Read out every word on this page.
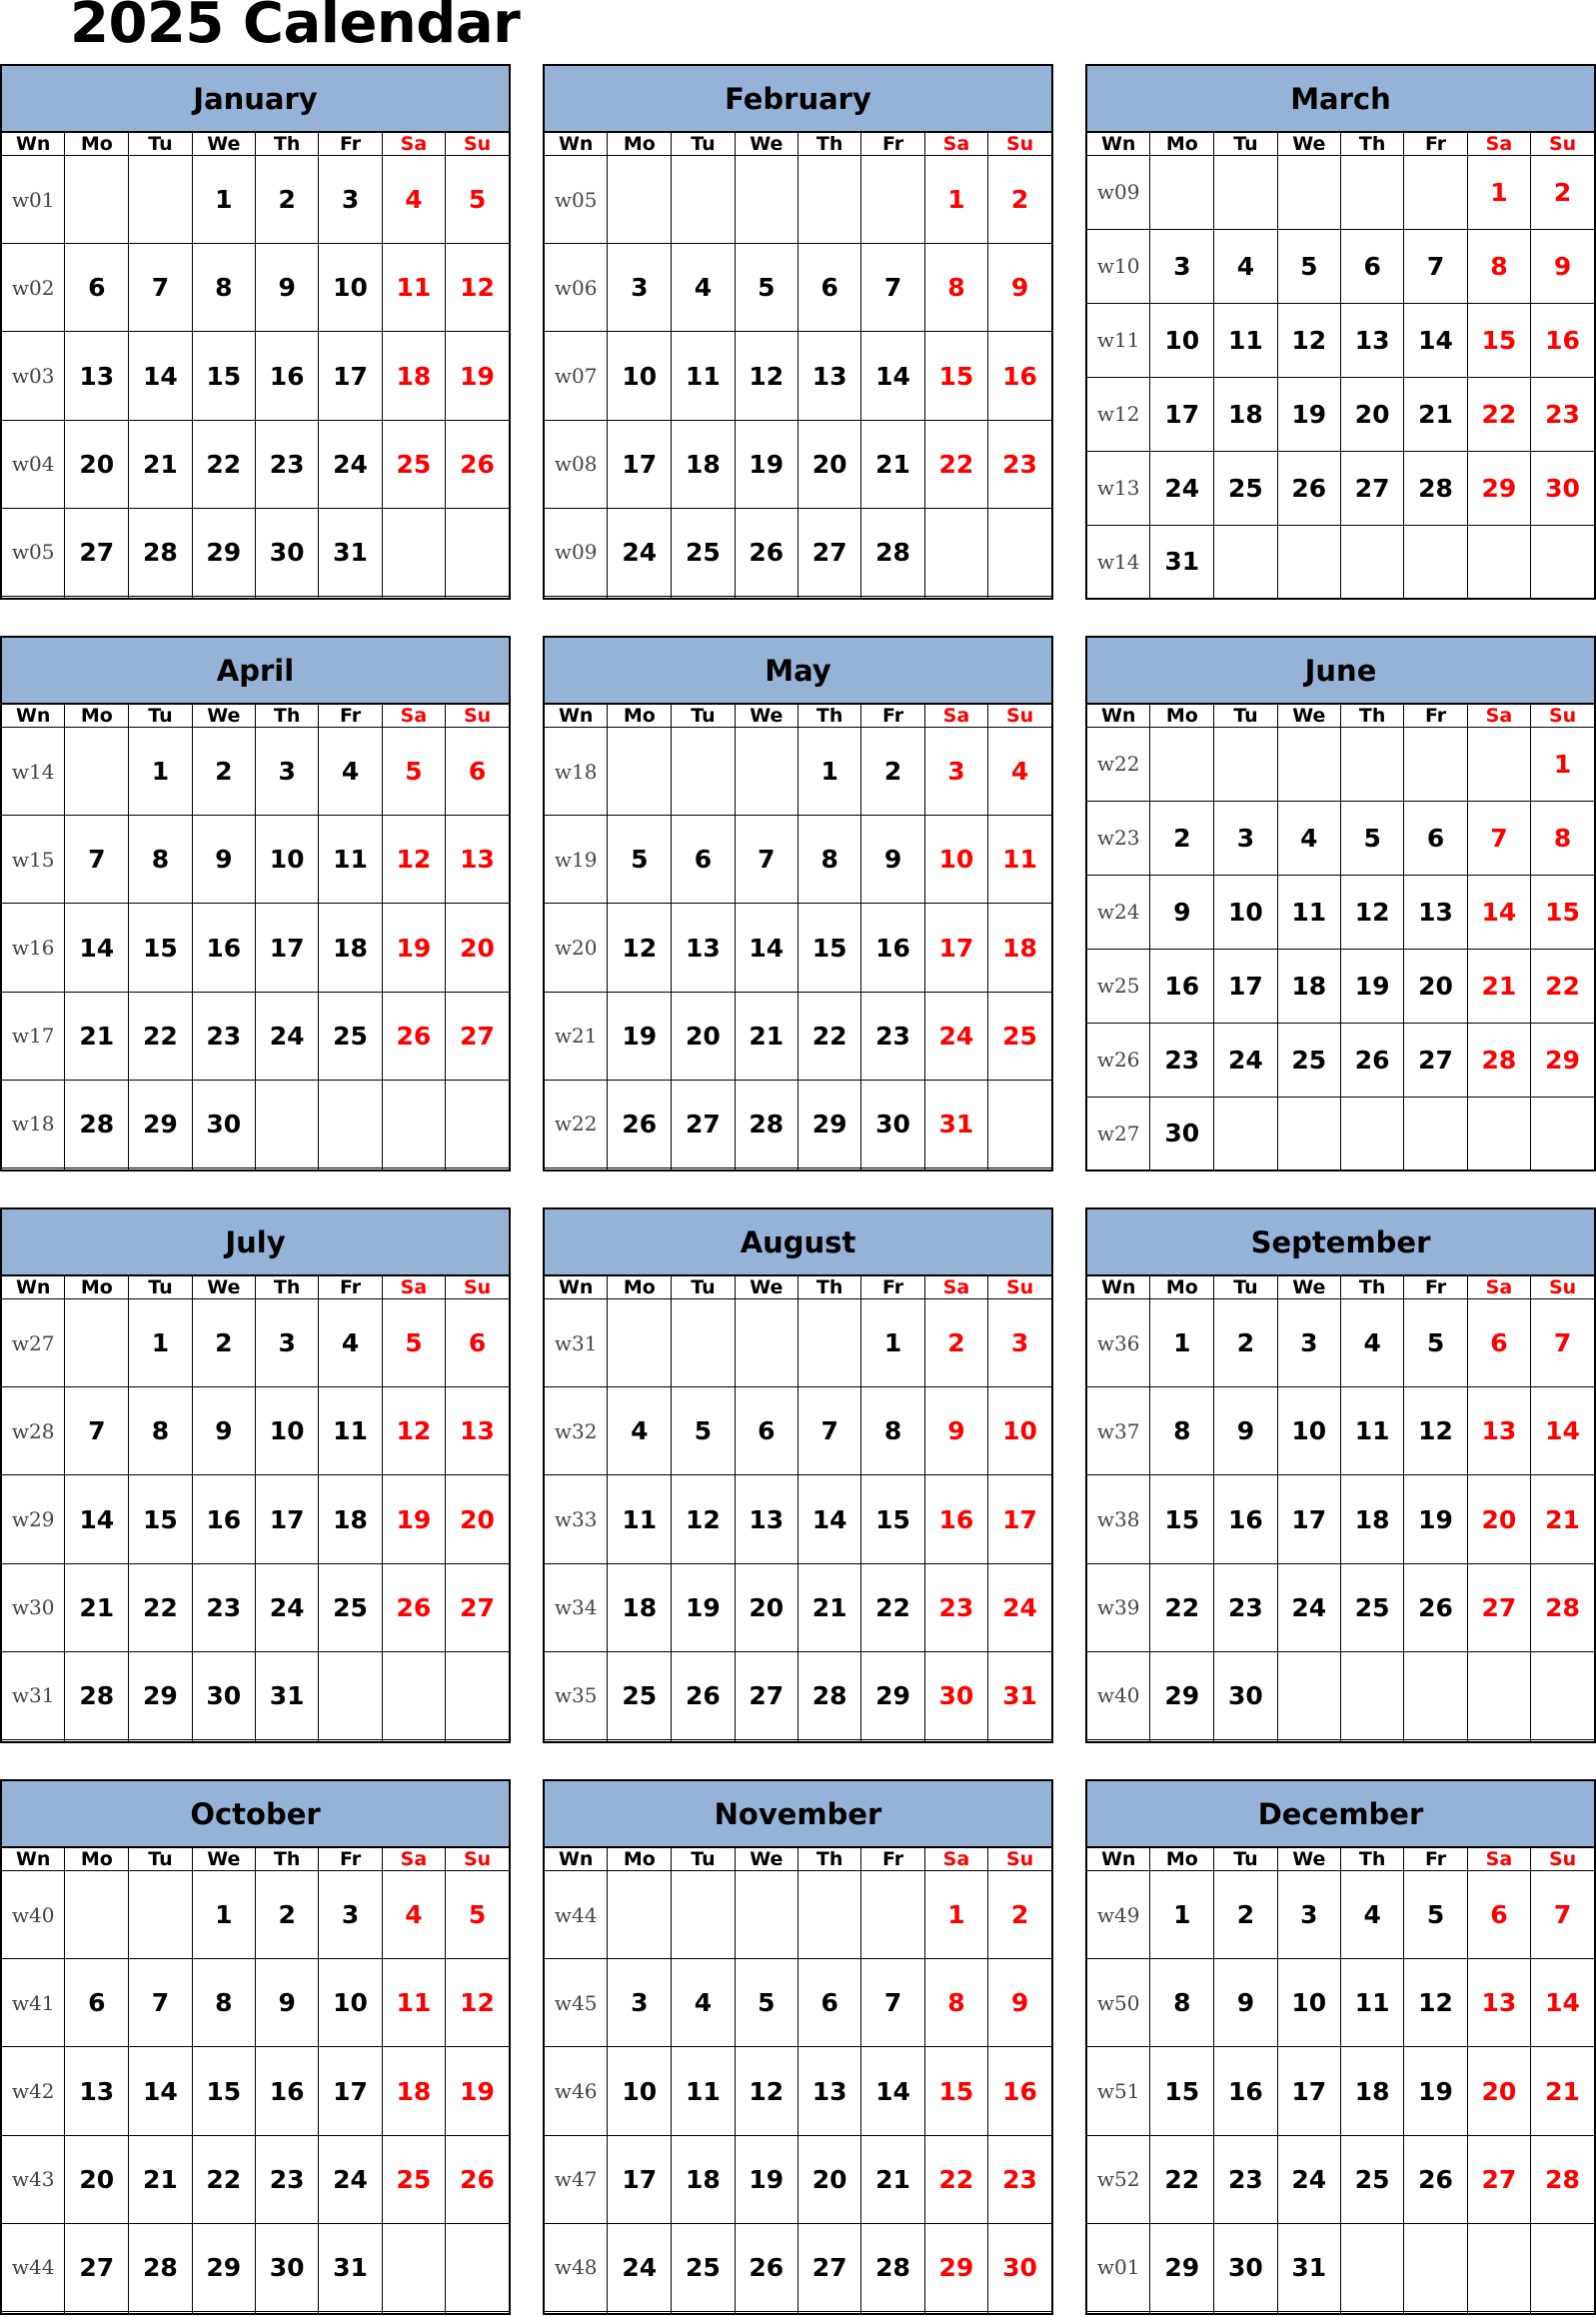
2025 Calendar
January
Wn	Mo	Tu	We	Th	Fr	Sa	Su
w01			1	2	3	4	5
w02	6	7	8	9	10	11	12
w03	13	14	15	16	17	18	19
w04	20	21	22	23	24	25	26
w05	27	28	29	30	31		

February
Wn	Mo	Tu	We	Th	Fr	Sa	Su
w05						1	2
w06	3	4	5	6	7	8	9
w07	10	11	12	13	14	15	16
w08	17	18	19	20	21	22	23
w09	24	25	26	27	28		

March
Wn	Mo	Tu	We	Th	Fr	Sa	Su
w09						1	2
w10	3	4	5	6	7	8	9
w11	10	11	12	13	14	15	16
w12	17	18	19	20	21	22	23
w13	24	25	26	27	28	29	30
w14	31						
April
Wn	Mo	Tu	We	Th	Fr	Sa	Su
w14		1	2	3	4	5	6
w15	7	8	9	10	11	12	13
w16	14	15	16	17	18	19	20
w17	21	22	23	24	25	26	27
w18	28	29	30				

May
Wn	Mo	Tu	We	Th	Fr	Sa	Su
w18				1	2	3	4
w19	5	6	7	8	9	10	11
w20	12	13	14	15	16	17	18
w21	19	20	21	22	23	24	25
w22	26	27	28	29	30	31	

June
Wn	Mo	Tu	We	Th	Fr	Sa	Su
w22							1
w23	2	3	4	5	6	7	8
w24	9	10	11	12	13	14	15
w25	16	17	18	19	20	21	22
w26	23	24	25	26	27	28	29
w27	30						
July
Wn	Mo	Tu	We	Th	Fr	Sa	Su
w27		1	2	3	4	5	6
w28	7	8	9	10	11	12	13
w29	14	15	16	17	18	19	20
w30	21	22	23	24	25	26	27
w31	28	29	30	31			

August
Wn	Mo	Tu	We	Th	Fr	Sa	Su
w31					1	2	3
w32	4	5	6	7	8	9	10
w33	11	12	13	14	15	16	17
w34	18	19	20	21	22	23	24
w35	25	26	27	28	29	30	31

September
Wn	Mo	Tu	We	Th	Fr	Sa	Su
w36	1	2	3	4	5	6	7
w37	8	9	10	11	12	13	14
w38	15	16	17	18	19	20	21
w39	22	23	24	25	26	27	28
w40	29	30					

October
Wn	Mo	Tu	We	Th	Fr	Sa	Su
w40			1	2	3	4	5
w41	6	7	8	9	10	11	12
w42	13	14	15	16	17	18	19
w43	20	21	22	23	24	25	26
w44	27	28	29	30	31		

November
Wn	Mo	Tu	We	Th	Fr	Sa	Su
w44						1	2
w45	3	4	5	6	7	8	9
w46	10	11	12	13	14	15	16
w47	17	18	19	20	21	22	23
w48	24	25	26	27	28	29	30

December
Wn	Mo	Tu	We	Th	Fr	Sa	Su
w49	1	2	3	4	5	6	7
w50	8	9	10	11	12	13	14
w51	15	16	17	18	19	20	21
w52	22	23	24	25	26	27	28
w01	29	30	31				
